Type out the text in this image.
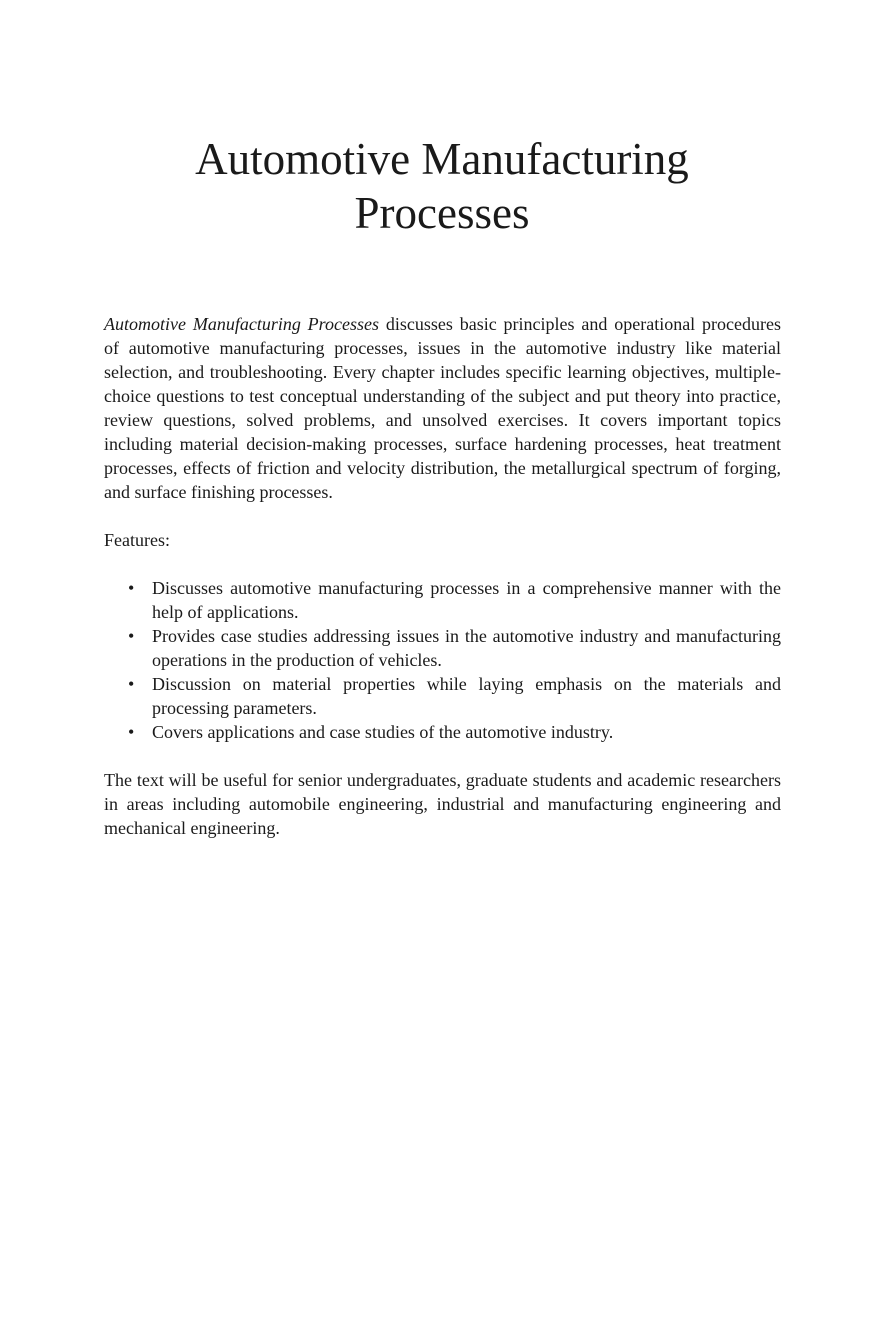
Automotive Manufacturing
Processes

Automotive Manufacturing Processes discusses basic principles and operational procedures of automotive manufacturing processes, issues in the automotive industry like material selection, and troubleshooting. Every chapter includes specific learning objectives, multiple-choice questions to test conceptual understanding of the subject and put theory into practice, review questions, solved problems, and unsolved exercises. It covers important topics including material decision-making processes, surface hardening processes, heat treatment processes, effects of friction and velocity distribution, the metallurgical spectrum of forging, and surface finishing processes.

Features:

• Discusses automotive manufacturing processes in a comprehensive manner with the help of applications.
• Provides case studies addressing issues in the automotive industry and manufacturing operations in the production of vehicles.
• Discussion on material properties while laying emphasis on the materials and processing parameters.
• Covers applications and case studies of the automotive industry.

The text will be useful for senior undergraduates, graduate students and academic researchers in areas including automobile engineering, industrial and manufacturing engineering and mechanical engineering.
